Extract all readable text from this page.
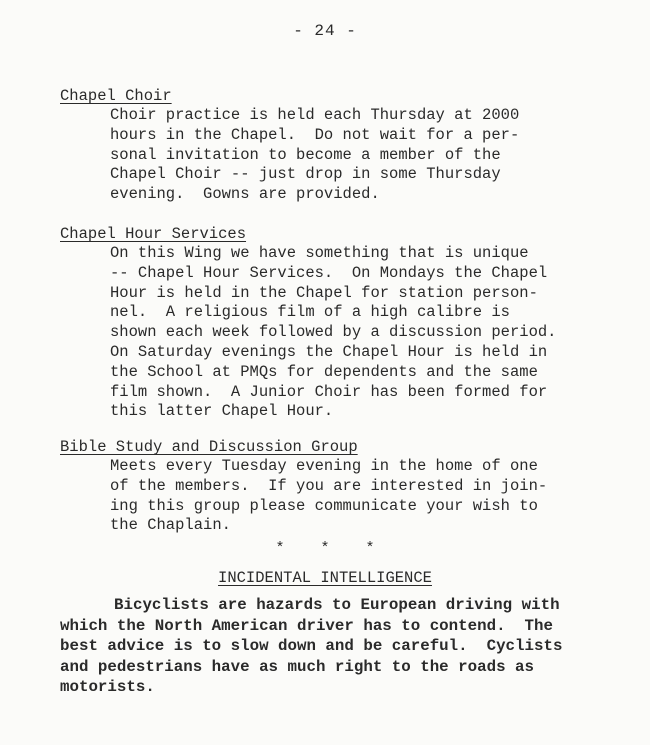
- 24 -
Chapel Choir
Choir practice is held each Thursday at 2000
hours in the Chapel.  Do not wait for a per-
sonal invitation to become a member of the
Chapel Choir -- just drop in some Thursday
evening.  Gowns are provided.
Chapel Hour Services
On this Wing we have something that is unique
-- Chapel Hour Services.  On Mondays the Chapel
Hour is held in the Chapel for station person-
nel.  A religious film of a high calibre is
shown each week followed by a discussion period.
On Saturday evenings the Chapel Hour is held in
the School at PMQs for dependents and the same
film shown.  A Junior Choir has been formed for
this latter Chapel Hour.
Bible Study and Discussion Group
Meets every Tuesday evening in the home of one
of the members.  If you are interested in join-
ing this group please communicate your wish to
the Chaplain.
*    *    *
INCIDENTAL INTELLIGENCE
Bicyclists are hazards to European driving with
which the North American driver has to contend.  The
best advice is to slow down and be careful.  Cyclists
and pedestrians have as much right to the roads as
motorists.
